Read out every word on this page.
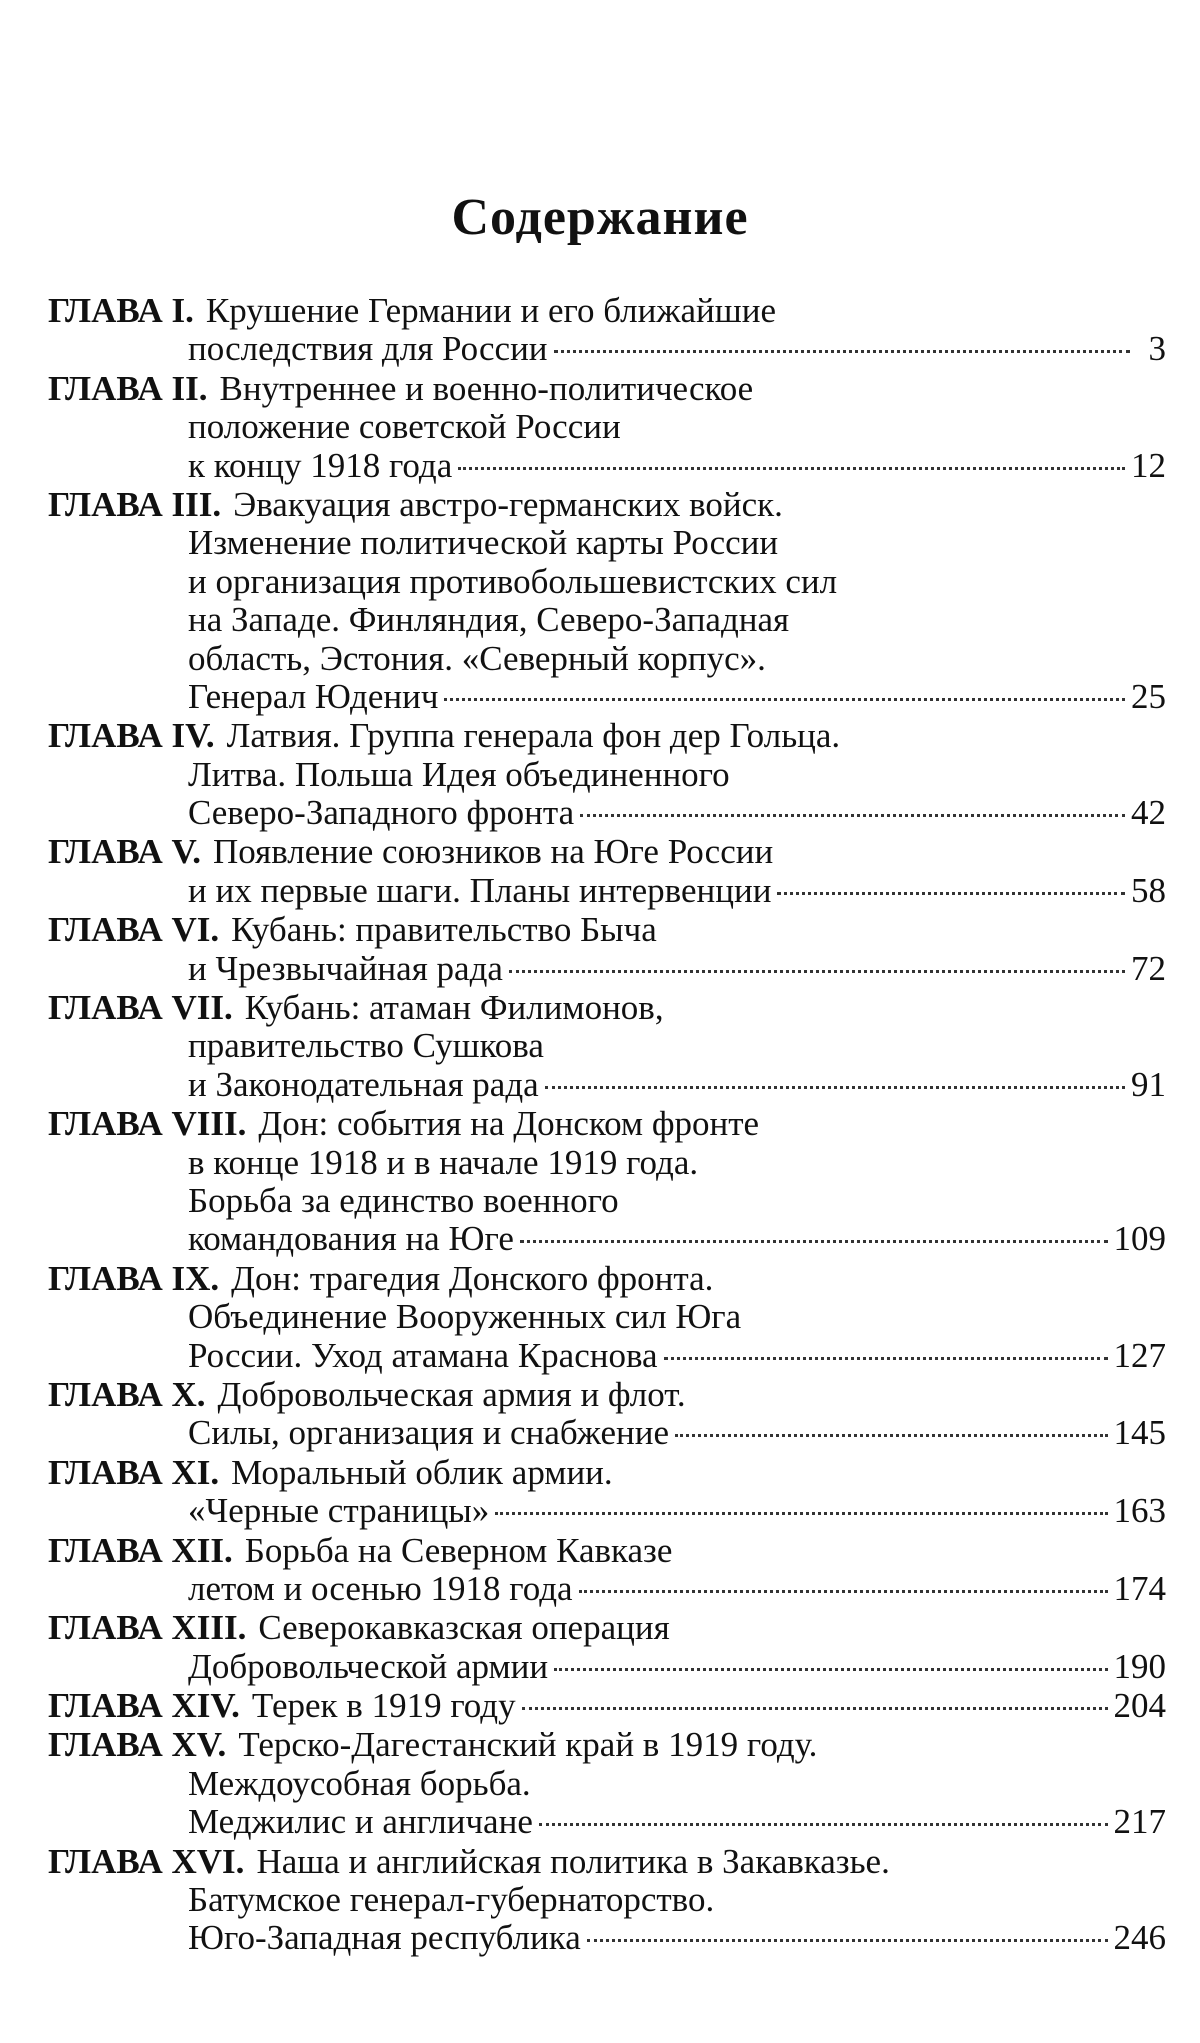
Содержание
ГЛАВА I. Крушение Германии и его ближайшие
последствия для России	3
ГЛАВА II. Внутреннее и военно-политическое
положение советской России
к концу 1918 года	12
ГЛАВА III. Эвакуация австро-германских войск.
Изменение политической карты России
и организация противобольшевистских сил
на Западе. Финляндия, Северо-Западная
область, Эстония. «Северный корпус».
Генерал Юденич	25
ГЛАВА IV. Латвия. Группа генерала фон дер Гольца.
Литва. Польша Идея объединенного
Северо-Западного фронта	42
ГЛАВА V. Появление союзников на Юге России
и их первые шаги. Планы интервенции	58
ГЛАВА VI. Кубань: правительство Быча
и Чрезвычайная рада	72
ГЛАВА VII. Кубань: атаман Филимонов,
правительство Сушкова
и Законодательная рада	91
ГЛАВА VIII. Дон: события на Донском фронте
в конце 1918 и в начале 1919 года.
Борьба за единство военного
командования на Юге	109
ГЛАВА IX. Дон: трагедия Донского фронта.
Объединение Вооруженных сил Юга
России. Уход атамана Краснова	127
ГЛАВА X. Добровольческая армия и флот.
Силы, организация и снабжение	145
ГЛАВА XI. Моральный облик армии.
«Черные страницы»	163
ГЛАВА XII. Борьба на Северном Кавказе
летом и осенью 1918 года	174
ГЛАВА XIII. Северокавказская операция
Добровольческой армии	190
ГЛАВА XIV. Терек в 1919 году	204
ГЛАВА XV. Терско-Дагестанский край в 1919 году.
Междоусобная борьба.
Меджилис и англичане	217
ГЛАВА XVI. Наша и английская политика в Закавказье.
Батумское генерал-губернаторство.
Юго-Западная республика	246
